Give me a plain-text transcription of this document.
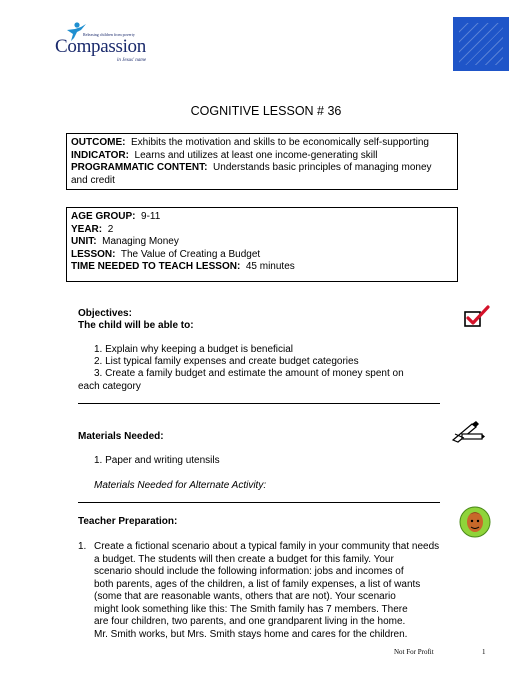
Releasing children from poverty
Compassion
in Jesus' name
COGNITIVE LESSON # 36
OUTCOME: Exhibits the motivation and skills to be economically self-supporting
INDICATOR: Learns and utilizes at least one income-generating skill
PROGRAMMATIC CONTENT: Understands basic principles of managing money
and credit
AGE GROUP: 9-11
YEAR: 2
UNIT: Managing Money
LESSON: The Value of Creating a Budget
TIME NEEDED TO TEACH LESSON: 45 minutes
Objectives:
The child will be able to:
1. Explain why keeping a budget is beneficial
2. List typical family expenses and create budget categories
3. Create a family budget and estimate the amount of money spent on
each category
Materials Needed:
1. Paper and writing utensils
Materials Needed for Alternate Activity:
Teacher Preparation:
1. Create a fictional scenario about a typical family in your community that needs
a budget. The students will then create a budget for this family. Your
scenario should include the following information: jobs and incomes of
both parents, ages of the children, a list of family expenses, a list of wants
(some that are reasonable wants, others that are not). Your scenario
might look something like this: The Smith family has 7 members. There
are four children, two parents, and one grandparent living in the home.
Mr. Smith works, but Mrs. Smith stays home and cares for the children.
Not For Profit	1
